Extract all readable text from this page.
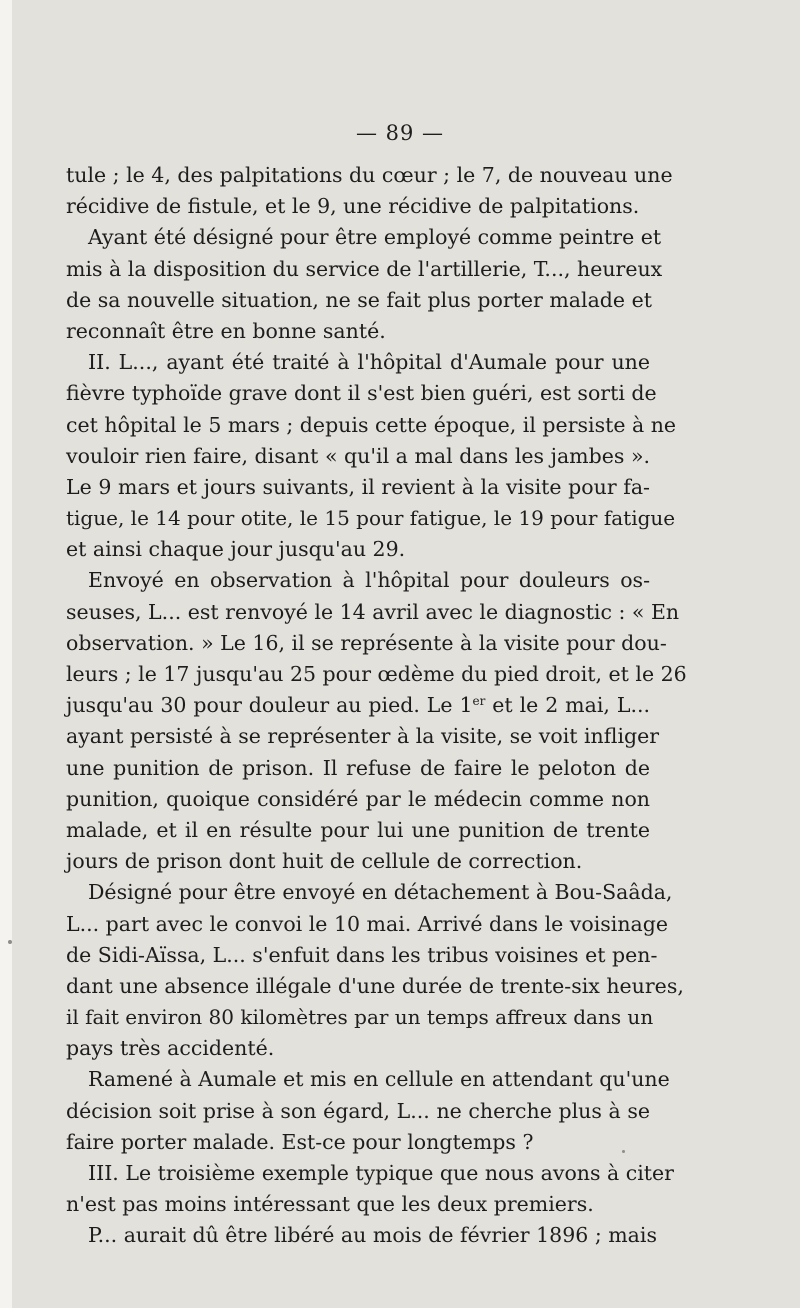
— 89 —
tule ; le 4, des palpitations du cœur ; le 7, de nouveau une
récidive de fistule, et le 9, une récidive de palpitations.
Ayant été désigné pour être employé comme peintre et
mis à la disposition du service de l'artillerie, T..., heureux
de sa nouvelle situation, ne se fait plus porter malade et
reconnaît être en bonne santé.
II. L..., ayant été traité à l'hôpital d'Aumale pour une
fièvre typhoïde grave dont il s'est bien guéri, est sorti de
cet hôpital le 5 mars ; depuis cette époque, il persiste à ne
vouloir rien faire, disant « qu'il a mal dans les jambes ».
Le 9 mars et jours suivants, il revient à la visite pour fa-
tigue, le 14 pour otite, le 15 pour fatigue, le 19 pour fatigue
et ainsi chaque jour jusqu'au 29.
Envoyé en observation à l'hôpital pour douleurs os-
seuses, L... est renvoyé le 14 avril avec le diagnostic : « En
observation. » Le 16, il se représente à la visite pour dou-
leurs ; le 17 jusqu'au 25 pour œdème du pied droit, et le 26
jusqu'au 30 pour douleur au pied. Le 1er et le 2 mai, L...
ayant persisté à se représenter à la visite, se voit infliger
une punition de prison. Il refuse de faire le peloton de
punition, quoique considéré par le médecin comme non
malade, et il en résulte pour lui une punition de trente
jours de prison dont huit de cellule de correction.
Désigné pour être envoyé en détachement à Bou-Saâda,
L... part avec le convoi le 10 mai. Arrivé dans le voisinage
de Sidi-Aïssa, L... s'enfuit dans les tribus voisines et pen-
dant une absence illégale d'une durée de trente-six heures,
il fait environ 80 kilomètres par un temps affreux dans un
pays très accidenté.
Ramené à Aumale et mis en cellule en attendant qu'une
décision soit prise à son égard, L... ne cherche plus à se
faire porter malade. Est-ce pour longtemps ?
III. Le troisième exemple typique que nous avons à citer
n'est pas moins intéressant que les deux premiers.
P... aurait dû être libéré au mois de février 1896 ; mais
